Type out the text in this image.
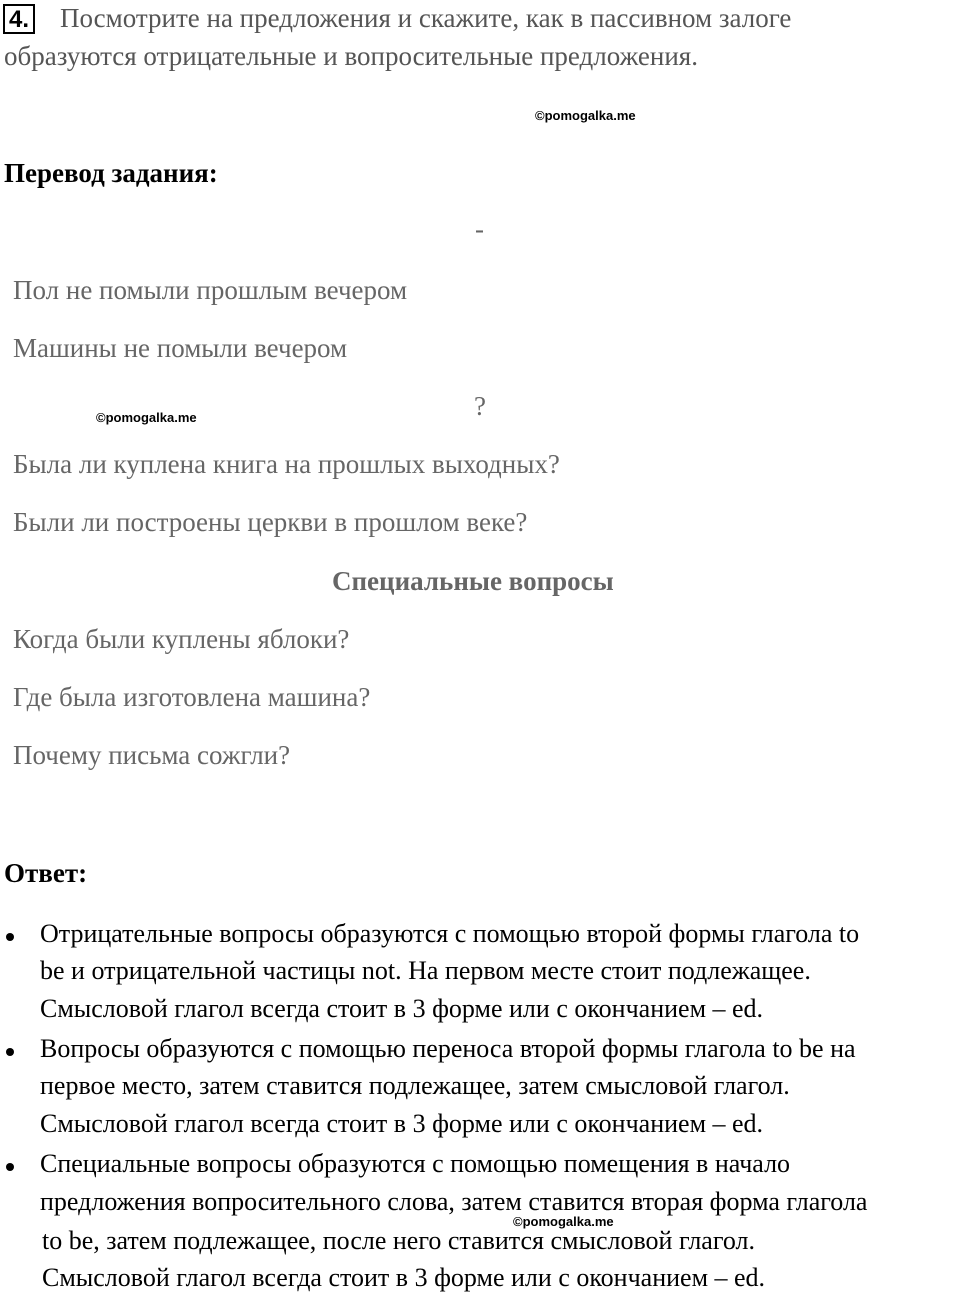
4. Посмотрите на предложения и скажите, как в пассивном залоге
образуются отрицательные и вопросительные предложения.
©pomogalka.me
Перевод задания:
-
Пол не помыли прошлым вечером
Машины не помыли вечером
©pomogalka.me	?
Была ли куплена книга на прошлых выходных?
Были ли построены церкви в прошлом веке?
Специальные вопросы
Когда были куплены яблоки?
Где была изготовлена машина?
Почему письма сожгли?
Ответ:
Отрицательные вопросы образуются с помощью второй формы глагола to
be и отрицательной частицы not. На первом месте стоит подлежащее.
Смысловой глагол всегда стоит в 3 форме или с окончанием – ed.
Вопросы образуются с помощью переноса второй формы глагола to be на
первое место, затем ставится подлежащее, затем смысловой глагол.
Смысловой глагол всегда стоит в 3 форме или с окончанием – ed.
Специальные вопросы образуются с помощью помещения в начало
предложения вопросительного слова, затем ставится вторая форма глагола
©pomogalka.me
to be, затем подлежащее, после него ставится смысловой глагол.
Смысловой глагол всегда стоит в 3 форме или с окончанием – ed.
